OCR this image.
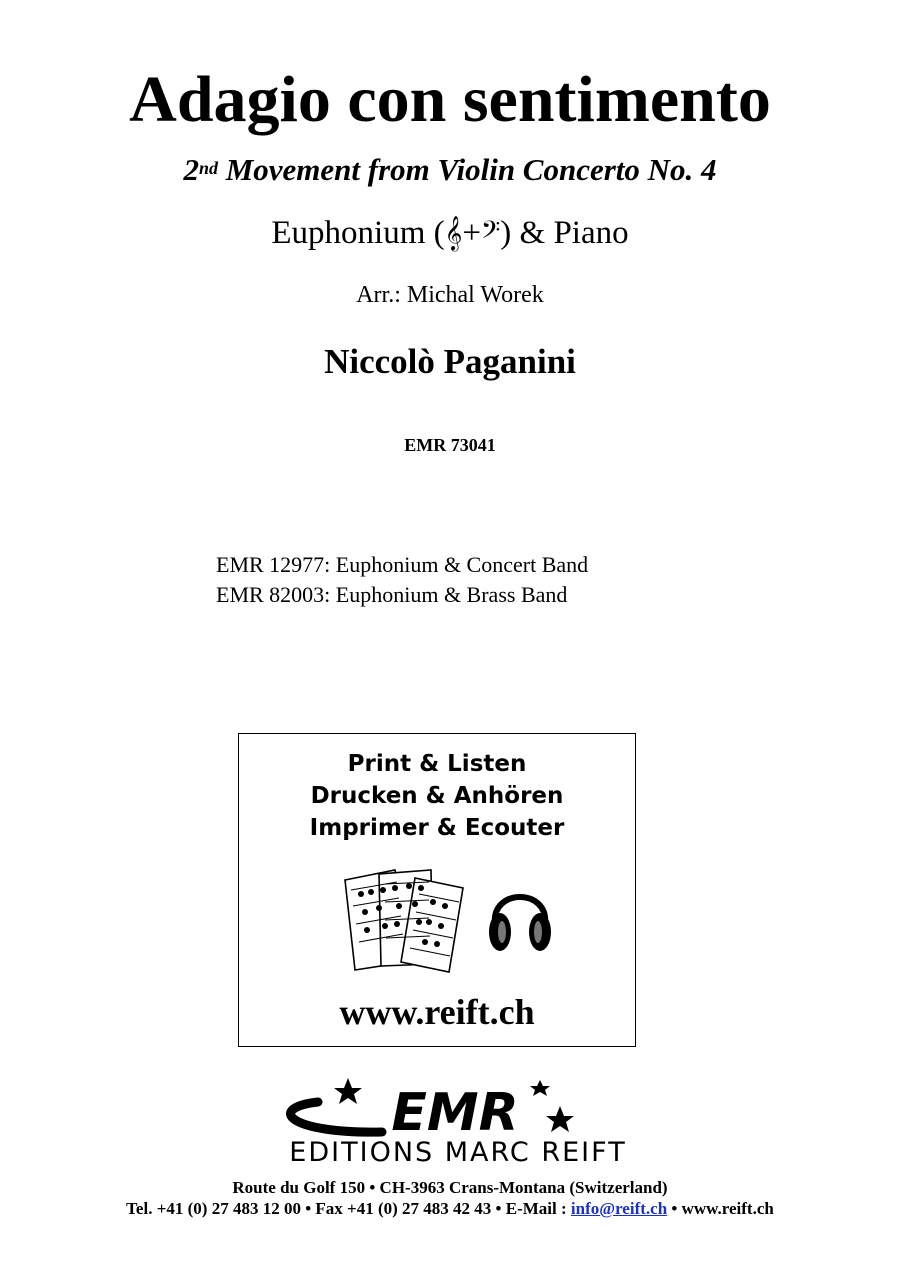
Adagio con sentimento
2nd Movement from Violin Concerto No. 4
Euphonium (𝄞+𝄢) & Piano
Arr.: Michal Worek
Niccolò Paganini
EMR 73041
EMR 12977: Euphonium & Concert Band
EMR 82003: Euphonium & Brass Band
Print & Listen
Drucken & Anhören
Imprimer & Ecouter
www.reift.ch
EMR
EDITIONS MARC REIFT
Route du Golf 150 • CH-3963 Crans-Montana (Switzerland)
Tel. +41 (0) 27 483 12 00 • Fax +41 (0) 27 483 42 43 • E-Mail : info@reift.ch • www.reift.ch
